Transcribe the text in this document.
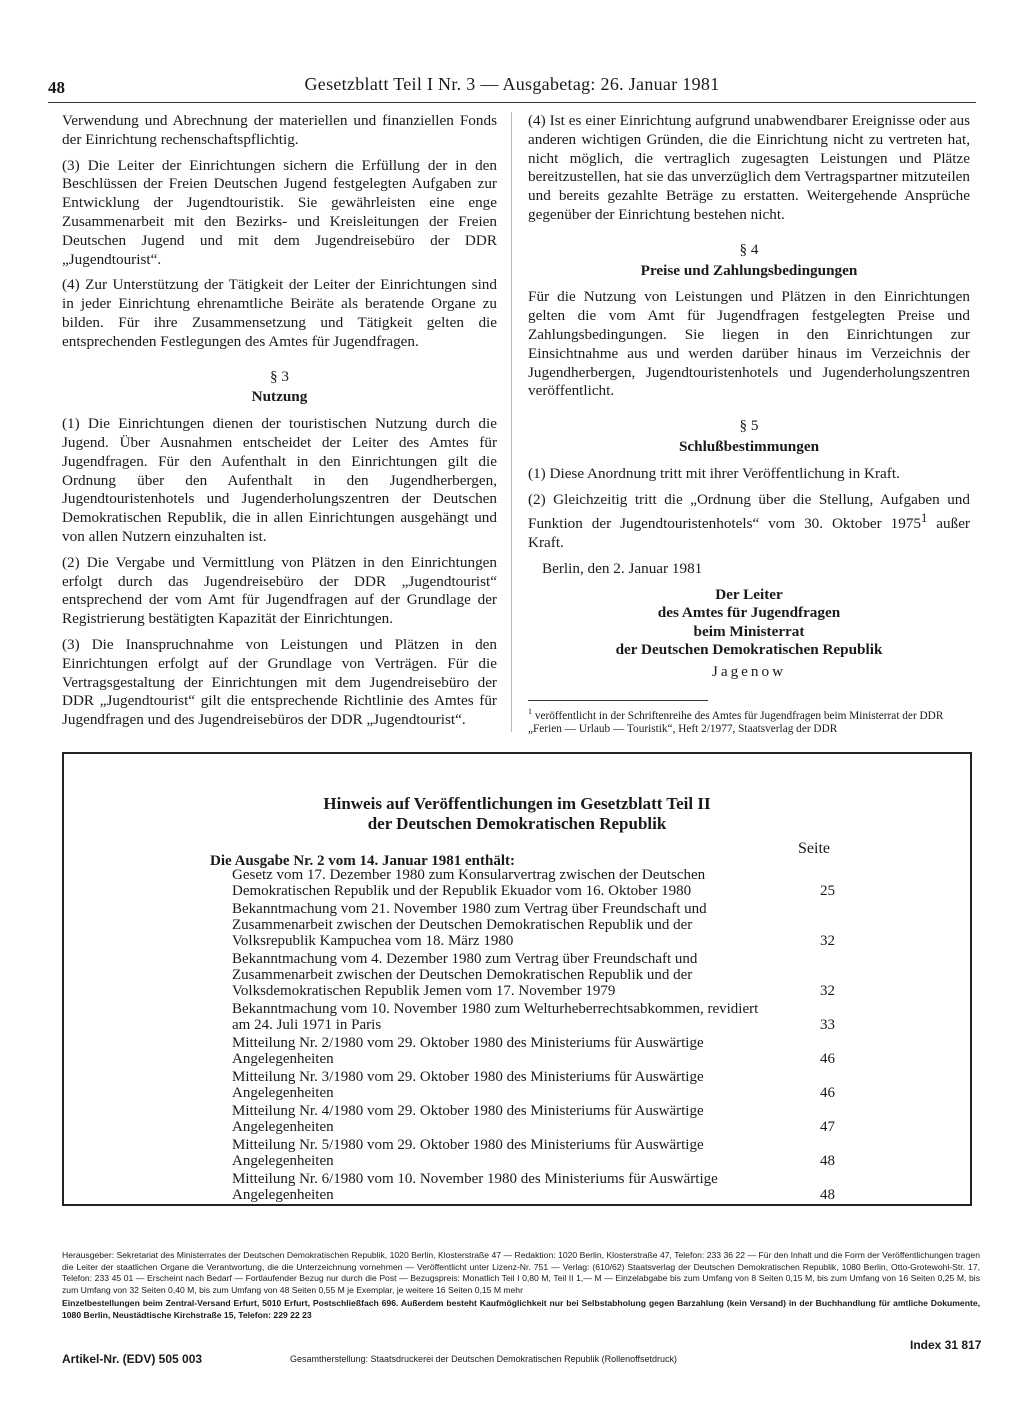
48	Gesetzblatt Teil I Nr. 3 — Ausgabetag: 26. Januar 1981

Verwendung und Abrechnung der materiellen und finanziellen Fonds der Einrichtung rechenschaftspflichtig.

(3) Die Leiter der Einrichtungen sichern die Erfüllung der in den Beschlüssen der Freien Deutschen Jugend festgelegten Aufgaben zur Entwicklung der Jugendtouristik. Sie gewährleisten eine enge Zusammenarbeit mit den Bezirks- und Kreisleitungen der Freien Deutschen Jugend und mit dem Jugendreisebüro der DDR „Jugendtourist“.

(4) Zur Unterstützung der Tätigkeit der Leiter der Einrichtungen sind in jeder Einrichtung ehrenamtliche Beiräte als beratende Organe zu bilden. Für ihre Zusammensetzung und Tätigkeit gelten die entsprechenden Festlegungen des Amtes für Jugendfragen.

§ 3
Nutzung

(1) Die Einrichtungen dienen der touristischen Nutzung durch die Jugend. Über Ausnahmen entscheidet der Leiter des Amtes für Jugendfragen. Für den Aufenthalt in den Einrichtungen gilt die Ordnung über den Aufenthalt in den Jugendherbergen, Jugendtouristenhotels und Jugenderholungszentren der Deutschen Demokratischen Republik, die in allen Einrichtungen ausgehängt und von allen Nutzern einzuhalten ist.

(2) Die Vergabe und Vermittlung von Plätzen in den Einrichtungen erfolgt durch das Jugendreisebüro der DDR „Jugendtourist“ entsprechend der vom Amt für Jugendfragen auf der Grundlage der Registrierung bestätigten Kapazität der Einrichtungen.

(3) Die Inanspruchnahme von Leistungen und Plätzen in den Einrichtungen erfolgt auf der Grundlage von Verträgen. Für die Vertragsgestaltung der Einrichtungen mit dem Jugendreisebüro der DDR „Jugendtourist“ gilt die entsprechende Richtlinie des Amtes für Jugendfragen und des Jugendreisebüros der DDR „Jugendtourist“.

(4) Ist es einer Einrichtung aufgrund unabwendbarer Ereignisse oder aus anderen wichtigen Gründen, die die Einrichtung nicht zu vertreten hat, nicht möglich, die vertraglich zugesagten Leistungen und Plätze bereitzustellen, hat sie das unverzüglich dem Vertragspartner mitzuteilen und bereits gezahlte Beträge zu erstatten. Weitergehende Ansprüche gegenüber der Einrichtung bestehen nicht.

§ 4
Preise und Zahlungsbedingungen

Für die Nutzung von Leistungen und Plätzen in den Einrichtungen gelten die vom Amt für Jugendfragen festgelegten Preise und Zahlungsbedingungen. Sie liegen in den Einrichtungen zur Einsichtnahme aus und werden darüber hinaus im Verzeichnis der Jugendherbergen, Jugendtouristenhotels und Jugenderholungszentren veröffentlicht.

§ 5
Schlußbestimmungen

(1) Diese Anordnung tritt mit ihrer Veröffentlichung in Kraft.

(2) Gleichzeitig tritt die „Ordnung über die Stellung, Aufgaben und Funktion der Jugendtouristenhotels“ vom 30. Oktober 1975$^1$ außer Kraft.

Berlin, den 2. Januar 1981

Der Leiter
des Amtes für Jugendfragen
beim Ministerrat
der Deutschen Demokratischen Republik
Jagenow
$^1$ veröffentlicht in der Schriftenreihe des Amtes für Jugendfragen beim Ministerrat der DDR „Ferien — Urlaub — Touristik“, Heft 2/1977, Staatsverlag der DDR
Hinweis auf Veröffentlichungen im Gesetzblatt Teil II
der Deutschen Demokratischen Republik
Seite
Die Ausgabe Nr. 2 vom 14. Januar 1981 enthält:
Gesetz vom 17. Dezember 1980 zum Konsularvertrag zwischen der Deutschen Demokratischen Republik und der Republik Ekuador vom 16. Oktober 1980	25
Bekanntmachung vom 21. November 1980 zum Vertrag über Freundschaft und Zusammenarbeit zwischen der Deutschen Demokratischen Republik und der Volksrepublik Kampuchea vom 18. März 1980	32
Bekanntmachung vom 4. Dezember 1980 zum Vertrag über Freundschaft und Zusammenarbeit zwischen der Deutschen Demokratischen Republik und der Volksdemokratischen Republik Jemen vom 17. November 1979	32
Bekanntmachung vom 10. November 1980 zum Welturheberrechtsabkommen, revidiert am 24. Juli 1971 in Paris	33
Mitteilung Nr. 2/1980 vom 29. Oktober 1980 des Ministeriums für Auswärtige Angelegenheiten	46
Mitteilung Nr. 3/1980 vom 29. Oktober 1980 des Ministeriums für Auswärtige Angelegenheiten	46
Mitteilung Nr. 4/1980 vom 29. Oktober 1980 des Ministeriums für Auswärtige Angelegenheiten	47
Mitteilung Nr. 5/1980 vom 29. Oktober 1980 des Ministeriums für Auswärtige Angelegenheiten	48
Mitteilung Nr. 6/1980 vom 10. November 1980 des Ministeriums für Auswärtige Angelegenheiten	48
Herausgeber: Sekretariat des Ministerrates der Deutschen Demokratischen Republik, 1020 Berlin, Klosterstraße 47 — Redaktion: 1020 Berlin, Klosterstraße 47, Telefon: 233 36 22 — Für den Inhalt und die Form der Veröffentlichungen tragen die Leiter der staatlichen Organe die Verantwortung, die die Unterzeichnung vornehmen — Veröffentlicht unter Lizenz-Nr. 751 — Verlag: (610/62) Staatsverlag der Deutschen Demokratischen Republik, 1080 Berlin, Otto-Grotewohl-Str. 17, Telefon: 233 45 01 — Erscheint nach Bedarf — Fortlaufender Bezug nur durch die Post — Bezugspreis: Monatlich Teil I 0,80 M, Teil II 1,— M — Einzelabgabe bis zum Umfang von 8 Seiten 0,15 M, bis zum Umfang von 16 Seiten 0,25 M, bis zum Umfang von 32 Seiten 0,40 M, bis zum Umfang von 48 Seiten 0,55 M je Exemplar, je weitere 16 Seiten 0,15 M mehr
Einzelbestellungen beim Zentral-Versand Erfurt, 5010 Erfurt, Postschließfach 696. Außerdem besteht Kaufmöglichkeit nur bei Selbstabholung gegen Barzahlung (kein Versand) in der Buchhandlung für amtliche Dokumente, 1080 Berlin, Neustädtische Kirchstraße 15, Telefon: 229 22 23
Index 31 817
Artikel-Nr. (EDV) 505 003	Gesamtherstellung: Staatsdruckerei der Deutschen Demokratischen Republik (Rollenoffsetdruck)
